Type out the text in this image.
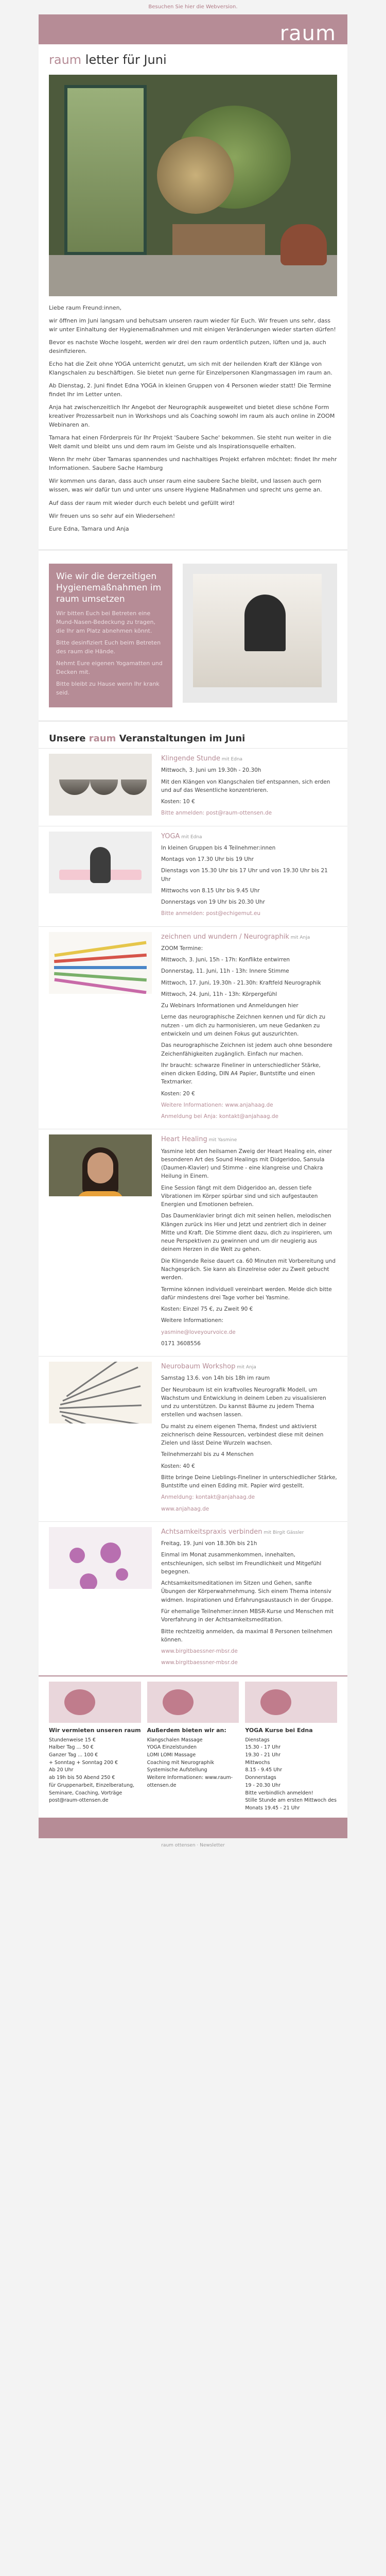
Besuchen Sie hier die Webversion.
raum
raum letter für Juni

Liebe raum Freund:innen,

wir öffnen im Juni langsam und behutsam unseren raum wieder für Euch. Wir freuen uns sehr, dass wir unter Einhaltung der Hygienemaßnahmen und mit einigen Veränderungen wieder starten dürfen!

Bevor es nachste Woche losgeht, werden wir drei den raum ordentlich putzen, lüften und ja, auch desinfizieren.

Echo hat die Zeit ohne YOGA unterricht genutzt, um sich mit der heilenden Kraft der Klänge von Klangschalen zu beschäftigen. Sie bietet nun gerne für Einzelpersonen Klangmassagen im raum an.

Ab Dienstag, 2. Juni findet Edna YOGA in kleinen Gruppen von 4 Personen wieder statt! Die Termine findet Ihr im Letter unten.

Anja hat zwischenzeitlich Ihr Angebot der Neurographik ausgeweitet und bietet diese schöne Form kreativer Prozessarbeit nun in Workshops und als Coaching sowohl im raum als auch online in ZOOM Webinaren an.

Tamara hat einen Förderpreis für Ihr Projekt 'Saubere Sache' bekommen. Sie steht nun weiter in die Welt damit und bleibt uns und dem raum im Geiste und als Inspirationsquelle erhalten.

Wenn Ihr mehr über Tamaras spannendes und nachhaltiges Projekt erfahren möchtet: findet Ihr mehr Informationen. Saubere Sache Hamburg

Wir kommen uns daran, dass auch unser raum eine saubere Sache bleibt, und lassen auch gern wissen, was wir dafür tun und unter uns unsere Hygiene Maßnahmen und sprecht uns gerne an.

Auf dass der raum mit wieder durch euch belebt und gefüllt wird!

Wir freuen uns so sehr auf ein Wiedersehen!

Eure Edna, Tamara und Anja

Wie wir die derzeitigen Hygienemaßnahmen im raum umsetzen

Wir bitten Euch bei Betreten eine Mund-Nasen-Bedeckung zu tragen, die Ihr am Platz abnehmen könnt.

Bitte desinfiziert Euch beim Betreten des raum die Hände.

Nehmt Eure eigenen Yogamatten und Decken mit.

Bitte bleibt zu Hause wenn Ihr krank seid.

Unsere raum Veranstaltungen im Juni
Klingende Stunde mit Edna

Mittwoch, 3. Juni um 19.30h - 20.30h

Mit den Klängen von Klangschalen tief entspannen, sich erden und auf das Wesentliche konzentrieren.

Kosten: 10 €

Bitte anmelden: post@raum-ottensen.de

YOGA mit Edna

In kleinen Gruppen bis 4 Teilnehmer:innen

Montags von 17.30 Uhr bis 19 Uhr

Dienstags von 15.30 Uhr bis 17 Uhr und von 19.30 Uhr bis 21 Uhr

Mittwochs von 8.15 Uhr bis 9.45 Uhr

Donnerstags von 19 Uhr bis 20.30 Uhr

Bitte anmelden: post@echigemut.eu

zeichnen und wundern / Neurographik mit Anja

ZOOM Termine:

Mittwoch, 3. Juni, 15h - 17h: Konflikte entwirren

Donnerstag, 11. Juni, 11h - 13h: Innere Stimme

Mittwoch, 17. Juni, 19.30h - 21.30h: Kraftfeld Neurographik

Mittwoch, 24. Juni, 11h - 13h: Körpergefühl

Zu Webinars Informationen und Anmeldungen hier

Lerne das neurographische Zeichnen kennen und für dich zu nutzen - um dich zu harmonisieren, um neue Gedanken zu entwickeln und um deinen Fokus gut auszurichten.

Das neurographische Zeichnen ist jedem auch ohne besondere Zeichenfähigkeiten zugänglich. Einfach nur machen.

Ihr braucht: schwarze Fineliner in unterschiedlicher Stärke, einen dicken Edding, DIN A4 Papier, Buntstifte und einen Textmarker.

Kosten: 20 €

Weitere Informationen: www.anjahaag.de

Anmeldung bei Anja: kontakt@anjahaag.de

Heart Healing mit Yasmine

Yasmine lebt den heilsamen Zweig der Heart Healing ein, einer besonderen Art des Sound Healings mit Didgeridoo, Sansula (Daumen-Klavier) und Stimme - eine klangreise und Chakra Heilung in Einem.

Eine Session fängt mit dem Didgeridoo an, dessen tiefe Vibrationen im Körper spürbar sind und sich aufgestauten Energien und Emotionen befreien.

Das Daumenklavier bringt dich mit seinen hellen, melodischen Klängen zurück ins Hier und Jetzt und zentriert dich in deiner Mitte und Kraft. Die Stimme dient dazu, dich zu inspirieren, um neue Perspektiven zu gewinnen und um dir neugierig aus deinem Herzen in die Welt zu gehen.

Die Klingende Reise dauert ca. 60 Minuten mit Vorbereitung und Nachgespräch. Sie kann als Einzelreise oder zu Zweit gebucht werden.

Termine können individuell vereinbart werden. Melde dich bitte dafür mindestens drei Tage vorher bei Yasmine.

Kosten: Einzel 75 €, zu Zweit 90 €

Weitere Informationen:

yasmine@loveyourvoice.de

0171 3608556

Neurobaum Workshop mit Anja

Samstag 13.6. von 14h bis 18h im raum

Der Neurobaum ist ein kraftvolles Neurografik Modell, um Wachstum und Entwicklung in deinem Leben zu visualisieren und zu unterstützen. Du kannst Bäume zu jedem Thema erstellen und wachsen lassen.

Du malst zu einem eigenen Thema, findest und aktivierst zeichnerisch deine Ressourcen, verbindest diese mit deinen Zielen und lässt Deine Wurzeln wachsen.

Teilnehmerzahl bis zu 4 Menschen

Kosten: 40 €

Bitte bringe Deine Lieblings-Fineliner in unterschiedlicher Stärke, Buntstifte und einen Edding mit. Papier wird gestellt.

Anmeldung: kontakt@anjahaag.de

www.anjahaag.de

Achtsamkeitspraxis verbinden mit Birgit Gässler

Freitag, 19. Juni von 18.30h bis 21h

Einmal im Monat zusammenkommen, innehalten, entschleunigen, sich selbst im Freundlichkeit und Mitgefühl begegnen.

Achtsamkeitsmeditationen im Sitzen und Gehen, sanfte Übungen der Körperwahrnehmung. Sich einem Thema intensiv widmen. Inspirationen und Erfahrungsaustausch in der Gruppe.

Für ehemalige Teilnehmer:innen MBSR-Kurse und Menschen mit Vorerfahrung in der Achtsamkeitsmeditation.

Bitte rechtzeitig anmelden, da maximal 8 Personen teilnehmen können.

www.birgitbaessner-mbsr.de

www.birgitbaessner-mbsr.de

Wir vermieten unseren raum

Stundenweise 15 €

Halber Tag ... 50 €

Ganzer Tag ... 100 €

+ Sonntag + Sonntag 200 €

Ab 20 Uhr

ab 19h bis 50 Abend 250 €

für Gruppenarbeit, Einzelberatung, Seminare, Coaching, Vorträge

post@raum-ottensen.de

Außerdem bieten wir an:

Klangschalen Massage

YOGA Einzelstunden

LOMI LOMI Massage

Coaching mit Neurographik

Systemische Aufstellung

Weitere Informationen: www.raum-ottensen.de

YOGA Kurse bei Edna

Dienstags

15.30 - 17 Uhr

19.30 - 21 Uhr

Mittwochs

8.15 - 9.45 Uhr

Donnerstags

19 - 20.30 Uhr

Bitte verbindlich anmelden!

Stille Stunde am ersten Mittwoch des Monats 19.45 - 21 Uhr

raum ottensen · Newsletter
